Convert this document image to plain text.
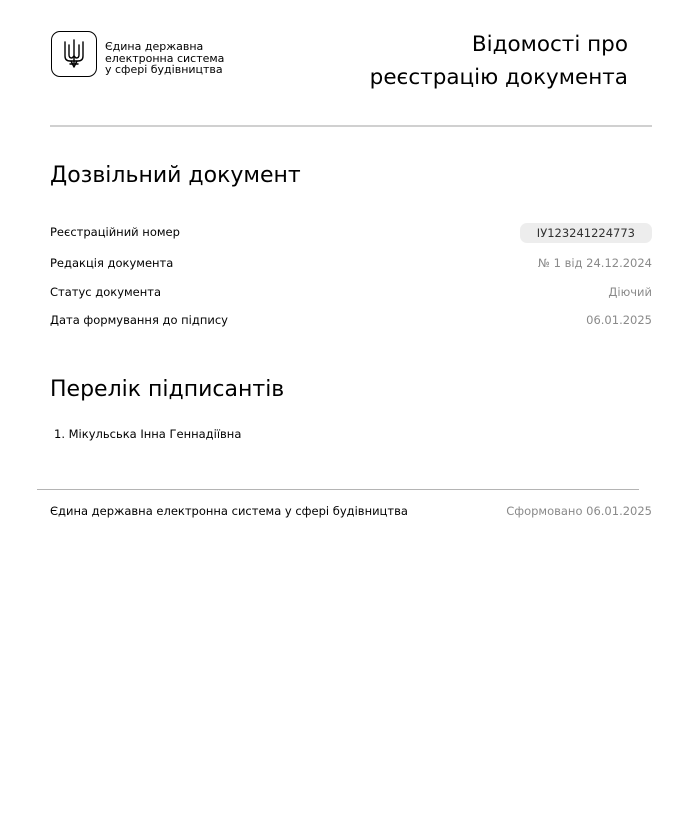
Єдина державна
електронна система
у сфері будівництва
Відомості про
реєстрацію документа
Дозвільний документ
Реєстраційний номер	ІУ123241224773
Редакція документа	№ 1 від 24.12.2024
Статус документа	Діючий
Дата формування до підпису	06.01.2025
Перелік підписантів
1. Мікульська Інна Геннадіївна
Єдина державна електронна система у сфері будівництва	Сформовано 06.01.2025
